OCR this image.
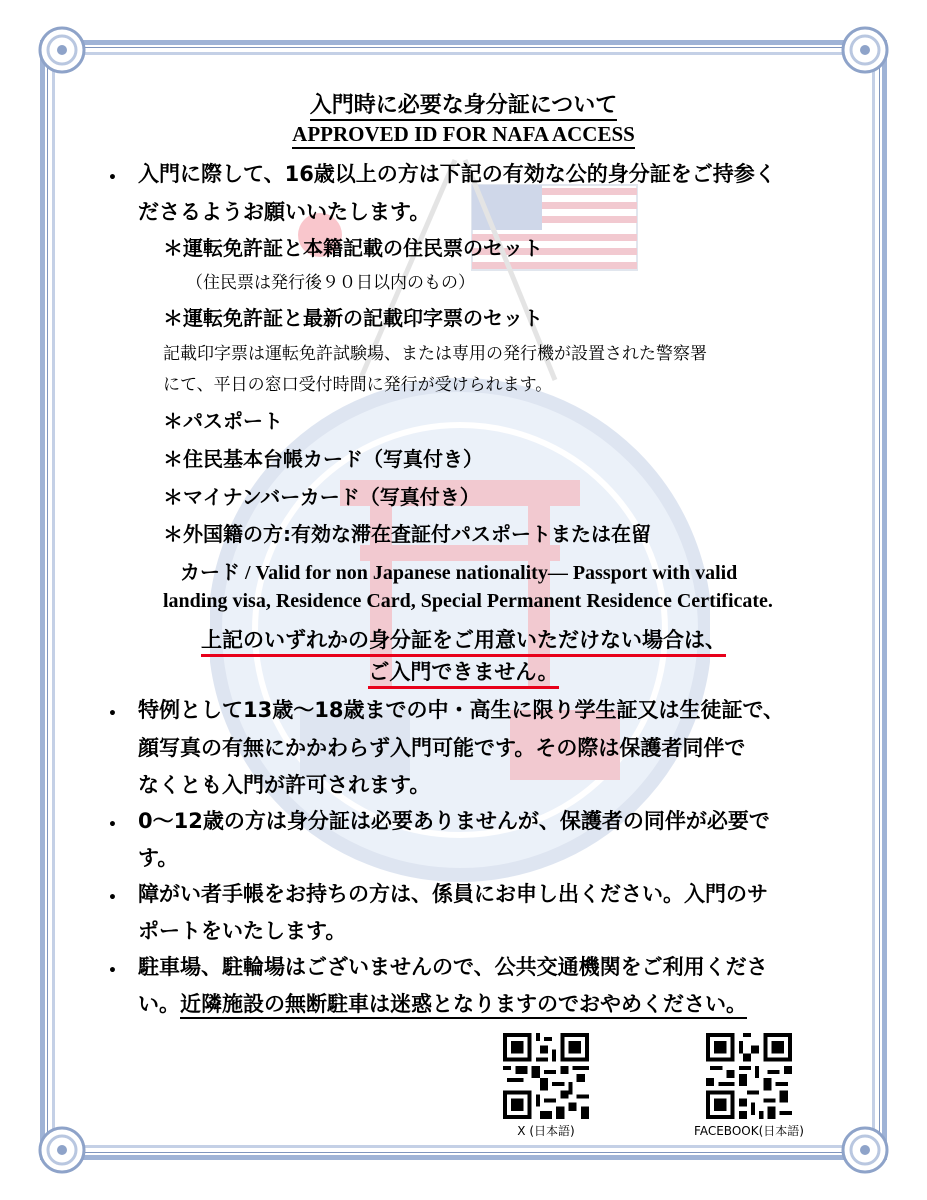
入門時に必要な身分証について
APPROVED ID FOR NAFA ACCESS
• 入門に際して、16歳以上の方は下記の有効な公的身分証をご持参く
ださるようお願いいたします。
＊運転免許証と本籍記載の住民票のセット
（住民票は発行後９０日以内のもの）
＊運転免許証と最新の記載印字票のセット
記載印字票は運転免許試験場、または専用の発行機が設置された警察署
にて、平日の窓口受付時間に発行が受けられます。
＊パスポート
＊住民基本台帳カード（写真付き）
＊マイナンバーカード（写真付き）
＊外国籍の方:有効な滞在査証付パスポートまたは在留
カード / Valid for non Japanese nationality— Passport with valid
landing visa, Residence Card, Special Permanent Residence Certificate.
上記のいずれかの身分証をご用意いただけない場合は、
ご入門できません。
• 特例として13歳～18歳までの中・高生に限り学生証又は生徒証で、
顔写真の有無にかかわらず入門可能です。その際は保護者同伴で
なくとも入門が許可されます。
• 0～12歳の方は身分証は必要ありませんが、保護者の同伴が必要で
す。
• 障がい者手帳をお持ちの方は、係員にお申し出ください。入門のサ
ポートをいたします。
• 駐車場、駐輪場はございませんので、公共交通機関をご利用くださ
い。近隣施設の無断駐車は迷惑となりますのでおやめください。
X (日本語)	FACEBOOK(日本語)
